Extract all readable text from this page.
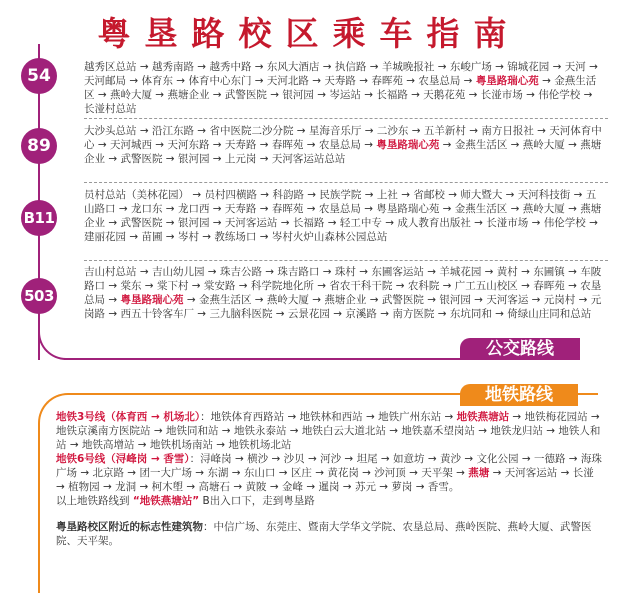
粤垦路校区乘车指南
54	越秀区总站 → 越秀南路 → 越秀中路 → 东风大酒店 → 执信路 → 羊城晚报社 → 东峻广场 → 锦城花园 → 天河 → 天河邮局 → 体育东 → 体育中心东门 → 天河北路 → 天寿路 → 春晖苑 → 农垦总局 → 粤垦路瑞心苑 → 金燕生活区 → 燕岭大厦 → 燕塘企业 → 武警医院 → 银河园 → 岑运站 → 长福路 → 天鹅花苑 → 长湴市场 → 伟伦学校 → 长湴村总站
89
大沙头总站 → 沿江东路 → 省中医院二沙分院 → 星海音乐厅 → 二沙东 → 五羊新村 → 南方日报社 → 天河体育中心 → 天河城西 → 天河东路 → 天寿路 → 春晖苑 → 农垦总局 → 粤垦路瑞心苑 → 金燕生活区 → 燕岭大厦 → 燕塘企业 → 武警医院 → 银河园 → 上元岗 → 天河客运站总站
B11
员村总站（美林花园） → 员村四横路 → 科韵路 → 民族学院 → 上社 → 省邮校 → 师大暨大 → 天河科技街 → 五山路口 → 龙口东 → 龙口西 → 天寿路 → 春晖苑 → 农垦总局 → 粤垦路瑞心苑 → 金燕生活区 → 燕岭大厦 → 燕塘企业 → 武警医院 → 银河园 → 天河客运站 → 长福路 → 轻工中专 → 成人教育出版社 → 长湴市场 → 伟伦学校 → 建丽花园 → 苗圃 → 岑村 → 教练场口 → 岑村火炉山森林公园总站
503
吉山村总站 → 吉山幼儿园 → 珠吉公路 → 珠吉路口 → 珠村 → 东圃客运站 → 羊城花园 → 黄村 → 东圃镇 → 车陂路口 → 棠东 → 棠下村 → 棠安路 → 科学院地化所 → 省农干科干院 → 农科院 → 广工五山校区 → 春晖苑 → 农垦总局 → 粤垦路瑞心苑 → 金燕生活区 → 燕岭大厦 → 燕塘企业 → 武警医院 → 银河园 → 天河客运 → 元岗村 → 元岗路 → 西五十铃客车厂 → 三九脑科医院 → 云景花园 → 京溪路 → 南方医院 → 东坑同和 → 倚绿山庄同和总站
公交路线
地铁路线

地铁3号线（体育西 → 机场北）：地铁体育西路站 → 地铁林和西站 → 地铁广州东站 → 地铁燕塘站 → 地铁梅花园站 → 地铁京溪南方医院站 → 地铁同和站 → 地铁永泰站 → 地铁白云大道北站 → 地铁嘉禾望岗站 → 地铁龙归站 → 地铁人和站 → 地铁高增站 → 地铁机场南站 → 地铁机场北站

地铁6号线（浔峰岗 → 香雪）：浔峰岗 → 横沙 → 沙贝 → 河沙 → 坦尾 → 如意坊 → 黄沙 → 文化公园 → 一德路 → 海珠广场 → 北京路 → 团一大广场 → 东湖 → 东山口 → 区庄 → 黄花岗 → 沙河顶 → 天平架 → 燕塘 → 天河客运站 → 长湴 → 植物园 → 龙洞 → 柯木塱 → 高塘石 → 黄陂 → 金峰 → 暹岗 → 苏元 → 萝岗 → 香雪。

以上地铁路线到 “地铁燕塘站” B出入口下，走到粤垦路

粤垦路校区附近的标志性建筑物：中信广场、东莞庄、暨南大学华文学院、农垦总局、燕岭医院、燕岭大厦、武警医院、天平架。
